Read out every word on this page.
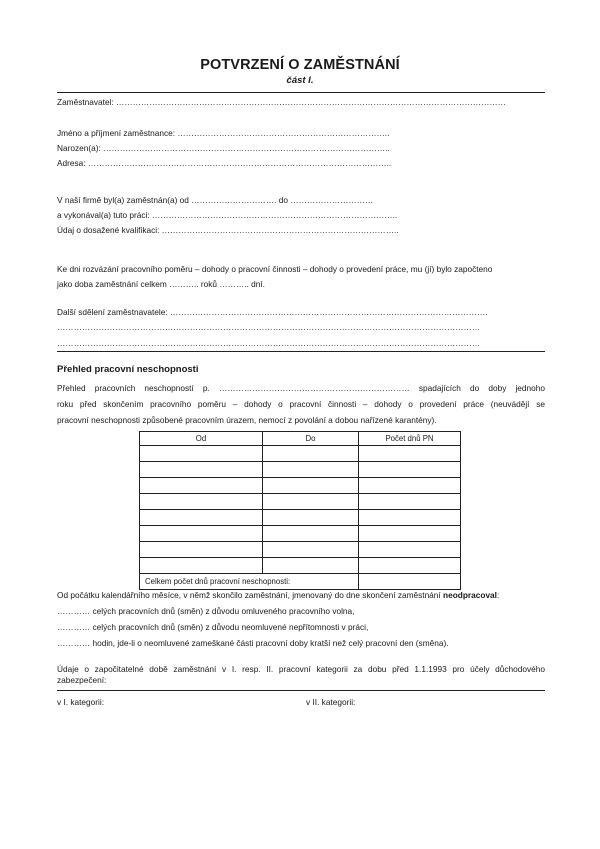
POTVRZENÍ O ZAMĚSTNÁNÍ
část I.
Zaměstnavatel: ……………………………………………………………………………………………………………………………
Jméno a příjmení zaměstnance: …………………………………………………………………..
Narozen(a): …………………………………………………………………………………………..
Adresa: ………………………………………………………………………………………………..
V naší firmě byl(a) zaměstnán(a) od …………………………. do …………………………
a vykonával(a) tuto práci: ……………………………………………………………………………..
Údaj o dosažené kvalifikaci: …………………………………………………………………………..
Ke dni rozvázání pracovního poměru – dohody o pracovní činnosti – dohody o provedení práce, mu (jí) bylo započteno
jako doba zaměstnání celkem ……….. roků ……….. dní.
Další sdělení zaměstnavatele: …………………………………………………………………………………………………….
………………………………………………………………………………………………………………………………………
………………………………………………………………………………………………………………………………………
Přehled pracovní neschopnosti
Přehled pracovních neschopností p. …………………………………………………………… spadajících do doby jednoho
roku před skončením pracovního poměru – dohody o pracovní činnosti – dohody o provedení práce (neuvádějí se
pracovní neschopnosti způsobené pracovním úrazem, nemocí z povolání a dobou nařízené karantény).
Od	Do	Počet dnů PN

Celkem počet dnů pracovní neschopnosti:		
Od počátku kalendářního měsíce, v němž skončilo zaměstnání, jmenovaný do dne skončení zaměstnání neodpracoval:
………… celých pracovních dnů (směn) z důvodu omluveného pracovního volna,
………… celých pracovních dnů (směn) z důvodu neomluvené nepřítomnosti v práci,
………… hodin, jde-li o neomluvené zameškané části pracovní doby kratší než celý pracovní den (směna).
Údaje o započitatelné době zaměstnání v I. resp. II. pracovní kategorii za dobu před 1.1.1993 pro účely důchodového
zabezpečení:
v I. kategorii:	v II. kategorii:
